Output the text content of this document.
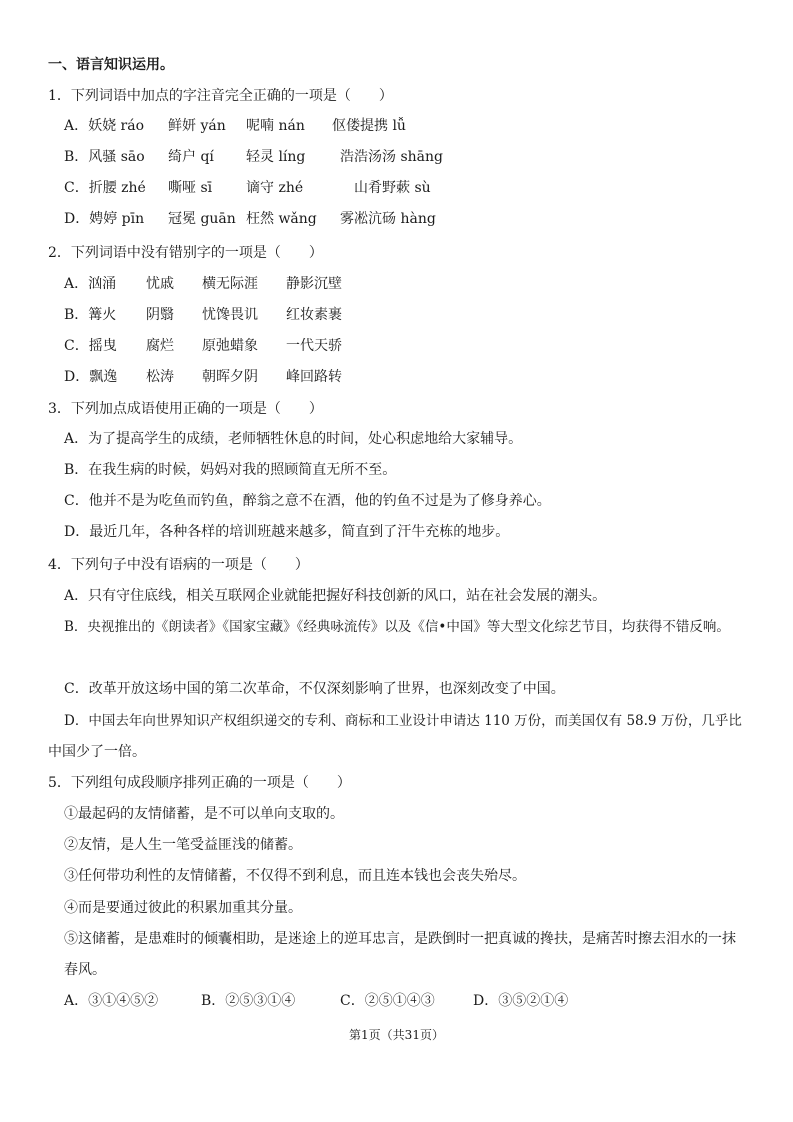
一、语言知识运用。
1．下列词语中加点的字注音完全正确的一项是（　　）
A．妖娆 ráo 鲜妍 yán 呢喃 nán 伛偻提携 lǚ
B．风骚 sāo 绮户 qí 轻灵 líng 浩浩汤汤 shāng
C．折腰 zhé 嘶哑 sī 谪守 zhé	山肴野蔌 sù
D．娉婷 pīn 冠冕 guān 枉然 wǎng 雾凇沆砀 hàng
2．下列词语中没有错别字的一项是（　　）
A．汹涌 忧戚 横无际涯 静影沉壁
B．篝火 阴翳 忧馋畏讥 红妆素裹
C．摇曳 腐烂 原弛蜡象 一代天骄
D．飘逸 松涛 朝晖夕阴 峰回路转
3．下列加点成语使用正确的一项是（　　）
A．为了提高学生的成绩，老师牺牲休息的时间，处心积虑地给大家辅导。
B．在我生病的时候，妈妈对我的照顾简直无所不至。
C．他并不是为吃鱼而钓鱼，醉翁之意不在酒，他的钓鱼不过是为了修身养心。
D．最近几年，各种各样的培训班越来越多，简直到了汗牛充栋的地步。
4．下列句子中没有语病的一项是（　　）
A．只有守住底线，相关互联网企业就能把握好科技创新的风口，站在社会发展的潮头。
B．央视推出的《朗读者》《国家宝藏》《经典咏流传》以及《信•中国》等大型文化综艺节目，均获得不错反响。
C．改革开放这场中国的第二次革命，不仅深刻影响了世界，也深刻改变了中国。
D．中国去年向世界知识产权组织递交的专利、商标和工业设计申请达 110 万份，而美国仅有 58.9 万份，几乎比
中国少了一倍。
5．下列组句成段顺序排列正确的一项是（　　）
①最起码的友情储蓄，是不可以单向支取的。
②友情，是人生一笔受益匪浅的储蓄。
③任何带功利性的友情储蓄，不仅得不到利息，而且连本钱也会丧失殆尽。
④而是要通过彼此的积累加重其分量。
⑤这储蓄，是患难时的倾囊相助，是迷途上的逆耳忠言，是跌倒时一把真诚的搀扶，是痛苦时擦去泪水的一抹
春风。
A．③①④⑤②	B．②⑤③①④	C．②⑤①④③	D．③⑤②①④
第1页（共31页）
